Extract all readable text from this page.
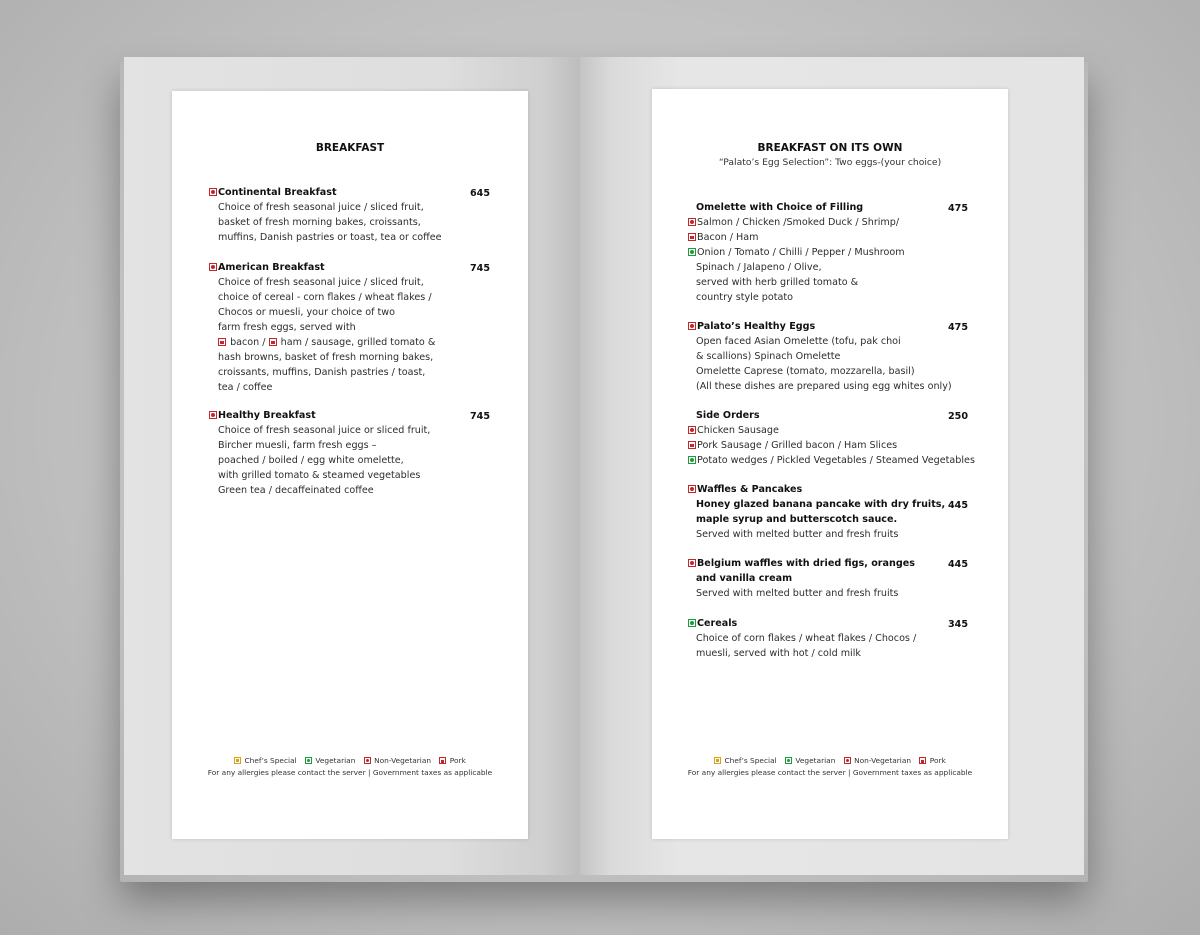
BREAKFAST
Continental Breakfast	645
Choice of fresh seasonal juice / sliced fruit,
basket of fresh morning bakes, croissants,
muffins, Danish pastries or toast, tea or coffee
American Breakfast	745
Choice of fresh seasonal juice / sliced fruit,
choice of cereal - corn flakes / wheat flakes /
Chocos or muesli, your choice of two
farm fresh eggs, served with
bacon / ham / sausage, grilled tomato &
hash browns, basket of fresh morning bakes,
croissants, muffins, Danish pastries / toast,
tea / coffee
Healthy Breakfast	745
Choice of fresh seasonal juice or sliced fruit,
Bircher muesli, farm fresh eggs –
poached / boiled / egg white omelette,
with grilled tomato & steamed vegetables
Green tea / decaffeinated coffee
Chef’s Special	Vegetarian	Non-Vegetarian	Pork
For any allergies please contact the server | Government taxes as applicable
BREAKFAST ON ITS OWN
“Palato’s Egg Selection”: Two eggs-(your choice)
Omelette with Choice of Filling	475
Salmon / Chicken /Smoked Duck / Shrimp/
Bacon / Ham
Onion / Tomato / Chilli / Pepper / Mushroom
Spinach / Jalapeno / Olive,
served with herb grilled tomato &
country style potato
Palato’s Healthy Eggs	475
Open faced Asian Omelette (tofu, pak choi
& scallions) Spinach Omelette
Omelette Caprese (tomato, mozzarella, basil)
(All these dishes are prepared using egg whites only)
Side Orders	250
Chicken Sausage
Pork Sausage / Grilled bacon / Ham Slices
Potato wedges / Pickled Vegetables / Steamed Vegetables
Waffles & Pancakes
Honey glazed banana pancake with dry fruits, 445
maple syrup and butterscotch sauce.
Served with melted butter and fresh fruits
Belgium waffles with dried figs, oranges	445
and vanilla cream
Served with melted butter and fresh fruits
Cereals	345
Choice of corn flakes / wheat flakes / Chocos /
muesli, served with hot / cold milk
Chef’s Special	Vegetarian	Non-Vegetarian	Pork
For any allergies please contact the server | Government taxes as applicable
